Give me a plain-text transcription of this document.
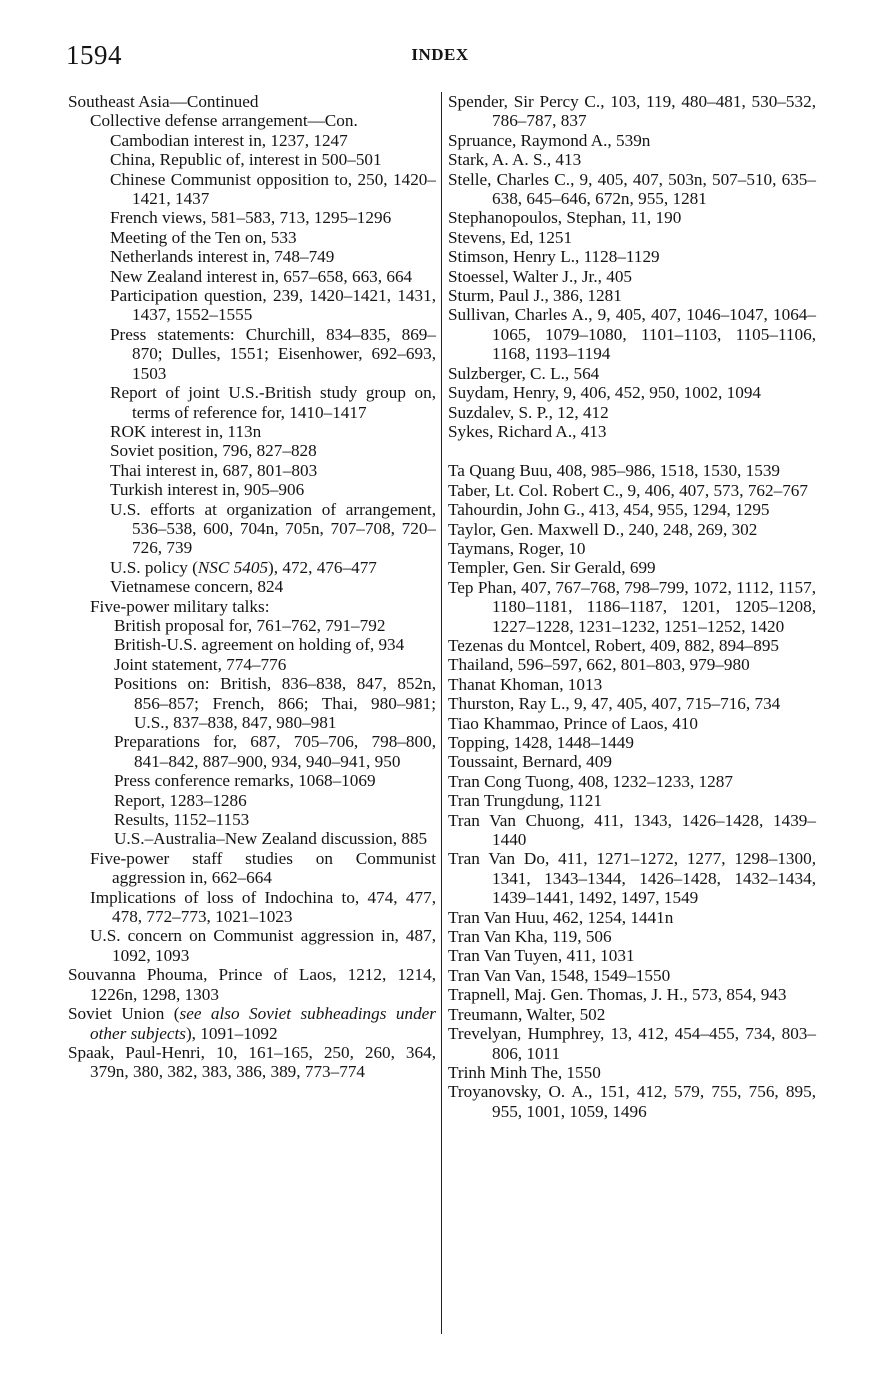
1594	INDEX
Southeast Asia—Continued
Collective defense arrangement—Con.
Cambodian interest in, 1237, 1247
China, Republic of, interest in 500–501
Chinese Communist opposition to, 250, 1420–1421, 1437
French views, 581–583, 713, 1295–1296
Meeting of the Ten on, 533
Netherlands interest in, 748–749
New Zealand interest in, 657–658, 663, 664
Participation question, 239, 1420–1421, 1431, 1437, 1552–1555
Press statements: Churchill, 834–835, 869–870; Dulles, 1551; Eisenhower, 692–693, 1503
Report of joint U.S.-British study group on, terms of reference for, 1410–1417
ROK interest in, 113n
Soviet position, 796, 827–828
Thai interest in, 687, 801–803
Turkish interest in, 905–906
U.S. efforts at organization of arrangement, 536–538, 600, 704n, 705n, 707–708, 720–726, 739
U.S. policy (NSC 5405), 472, 476–477
Vietnamese concern, 824
Five-power military talks:
British proposal for, 761–762, 791–792
British-U.S. agreement on holding of, 934
Joint statement, 774–776
Positions on: British, 836–838, 847, 852n, 856–857; French, 866; Thai, 980–981; U.S., 837–838, 847, 980–981
Preparations for, 687, 705–706, 798–800, 841–842, 887–900, 934, 940–941, 950
Press conference remarks, 1068–1069
Report, 1283–1286
Results, 1152–1153
U.S.–Australia–New Zealand discussion, 885
Five-power staff studies on Communist aggression in, 662–664
Implications of loss of Indochina to, 474, 477, 478, 772–773, 1021–1023
U.S. concern on Communist aggression in, 487, 1092, 1093
Souvanna Phouma, Prince of Laos, 1212, 1214, 1226n, 1298, 1303
Soviet Union (see also Soviet subheadings under other subjects), 1091–1092
Spaak, Paul-Henri, 10, 161–165, 250, 260, 364, 379n, 380, 382, 383, 386, 389, 773–774
Spender, Sir Percy C., 103, 119, 480–481, 530–532, 786–787, 837
Spruance, Raymond A., 539n
Stark, A. A. S., 413
Stelle, Charles C., 9, 405, 407, 503n, 507–510, 635–638, 645–646, 672n, 955, 1281
Stephanopoulos, Stephan, 11, 190
Stevens, Ed, 1251
Stimson, Henry L., 1128–1129
Stoessel, Walter J., Jr., 405
Sturm, Paul J., 386, 1281
Sullivan, Charles A., 9, 405, 407, 1046–1047, 1064–1065, 1079–1080, 1101–1103, 1105–1106, 1168, 1193–1194
Sulzberger, C. L., 564
Suydam, Henry, 9, 406, 452, 950, 1002, 1094
Suzdalev, S. P., 12, 412
Sykes, Richard A., 413
Ta Quang Buu, 408, 985–986, 1518, 1530, 1539
Taber, Lt. Col. Robert C., 9, 406, 407, 573, 762–767
Tahourdin, John G., 413, 454, 955, 1294, 1295
Taylor, Gen. Maxwell D., 240, 248, 269, 302
Taymans, Roger, 10
Templer, Gen. Sir Gerald, 699
Tep Phan, 407, 767–768, 798–799, 1072, 1112, 1157, 1180–1181, 1186–1187, 1201, 1205–1208, 1227–1228, 1231–1232, 1251–1252, 1420
Tezenas du Montcel, Robert, 409, 882, 894–895
Thailand, 596–597, 662, 801–803, 979–980
Thanat Khoman, 1013
Thurston, Ray L., 9, 47, 405, 407, 715–716, 734
Tiao Khammao, Prince of Laos, 410
Topping, 1428, 1448–1449
Toussaint, Bernard, 409
Tran Cong Tuong, 408, 1232–1233, 1287
Tran Trungdung, 1121
Tran Van Chuong, 411, 1343, 1426–1428, 1439–1440
Tran Van Do, 411, 1271–1272, 1277, 1298–1300, 1341, 1343–1344, 1426–1428, 1432–1434, 1439–1441, 1492, 1497, 1549
Tran Van Huu, 462, 1254, 1441n
Tran Van Kha, 119, 506
Tran Van Tuyen, 411, 1031
Tran Van Van, 1548, 1549–1550
Trapnell, Maj. Gen. Thomas, J. H., 573, 854, 943
Treumann, Walter, 502
Trevelyan, Humphrey, 13, 412, 454–455, 734, 803–806, 1011
Trinh Minh The, 1550
Troyanovsky, O. A., 151, 412, 579, 755, 756, 895, 955, 1001, 1059, 1496
